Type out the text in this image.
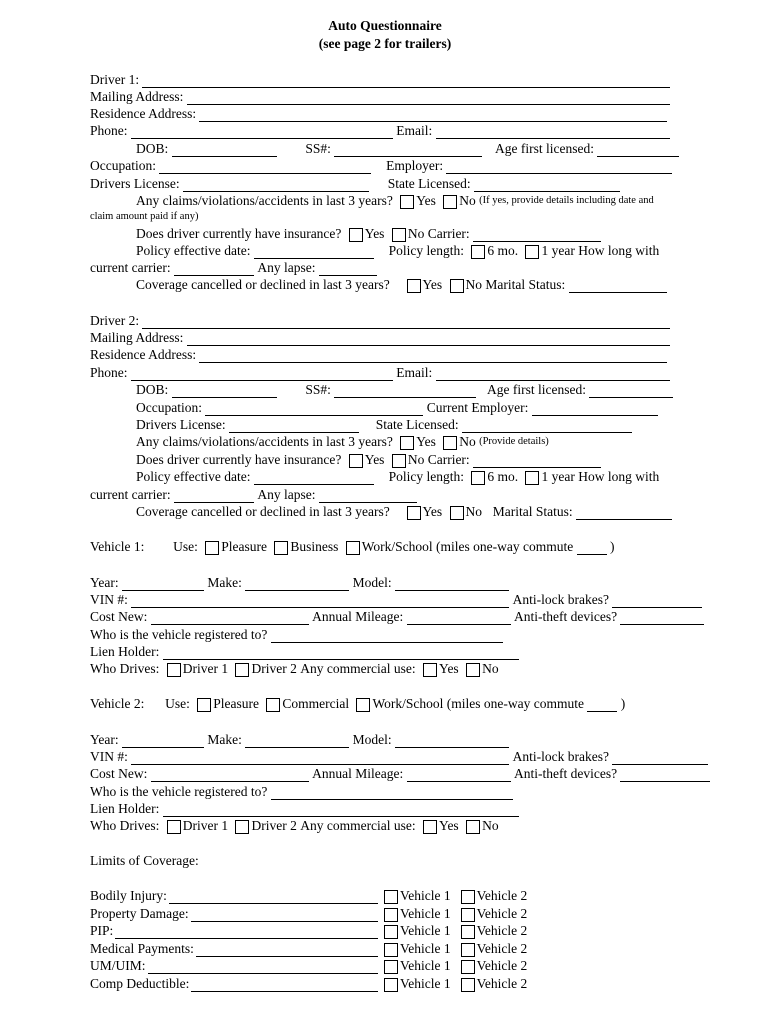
Auto Questionnaire
(see page 2 for trailers)
Driver 1:
Mailing Address:
Residence Address:
Phone:	Email:
DOB:	SS#:	Age first licensed:
Occupation:	Employer:
Drivers License:	State Licensed:
Any claims/violations/accidents in last 3 years? Yes No (If yes, provide details including date and
claim amount paid if any)
Does driver currently have insurance? Yes No Carrier:
Policy effective date:	Policy length: 6 mo. 1 year How long with
current carrier:	Any lapse:
Coverage cancelled or declined in last 3 years? Yes No Marital Status:
Driver 2:
Mailing Address:
Residence Address:
Phone:	Email:
DOB:	SS#:	Age first licensed:
Occupation:	Current Employer:
Drivers License:	State Licensed:
Any claims/violations/accidents in last 3 years? Yes No (Provide details)
Does driver currently have insurance? Yes No Carrier:
Policy effective date:	Policy length: 6 mo. 1 year How long with
current carrier:	Any lapse:
Coverage cancelled or declined in last 3 years? Yes No Marital Status:
Vehicle 1: Use: Pleasure Business Work/School (miles one-way commute	)
Year:	Make:	Model:
VIN #:	Anti-lock brakes?
Cost New:	Annual Mileage:	Anti-theft devices?
Who is the vehicle registered to?
Lien Holder:
Who Drives: Driver 1 Driver 2 Any commercial use: Yes No
Vehicle 2: Use: Pleasure Commercial Work/School (miles one-way commute	)
Year:	Make:	Model:
VIN #:	Anti-lock brakes?
Cost New:	Annual Mileage:	Anti-theft devices?
Who is the vehicle registered to?
Lien Holder:
Who Drives: Driver 1 Driver 2 Any commercial use: Yes No
Limits of Coverage:
Bodily Injury:	Vehicle 1 Vehicle 2
Property Damage:	Vehicle 1 Vehicle 2
PIP:	Vehicle 1 Vehicle 2
Medical Payments:	Vehicle 1 Vehicle 2
UM/UIM:	Vehicle 1 Vehicle 2
Comp Deductible:	Vehicle 1 Vehicle 2
